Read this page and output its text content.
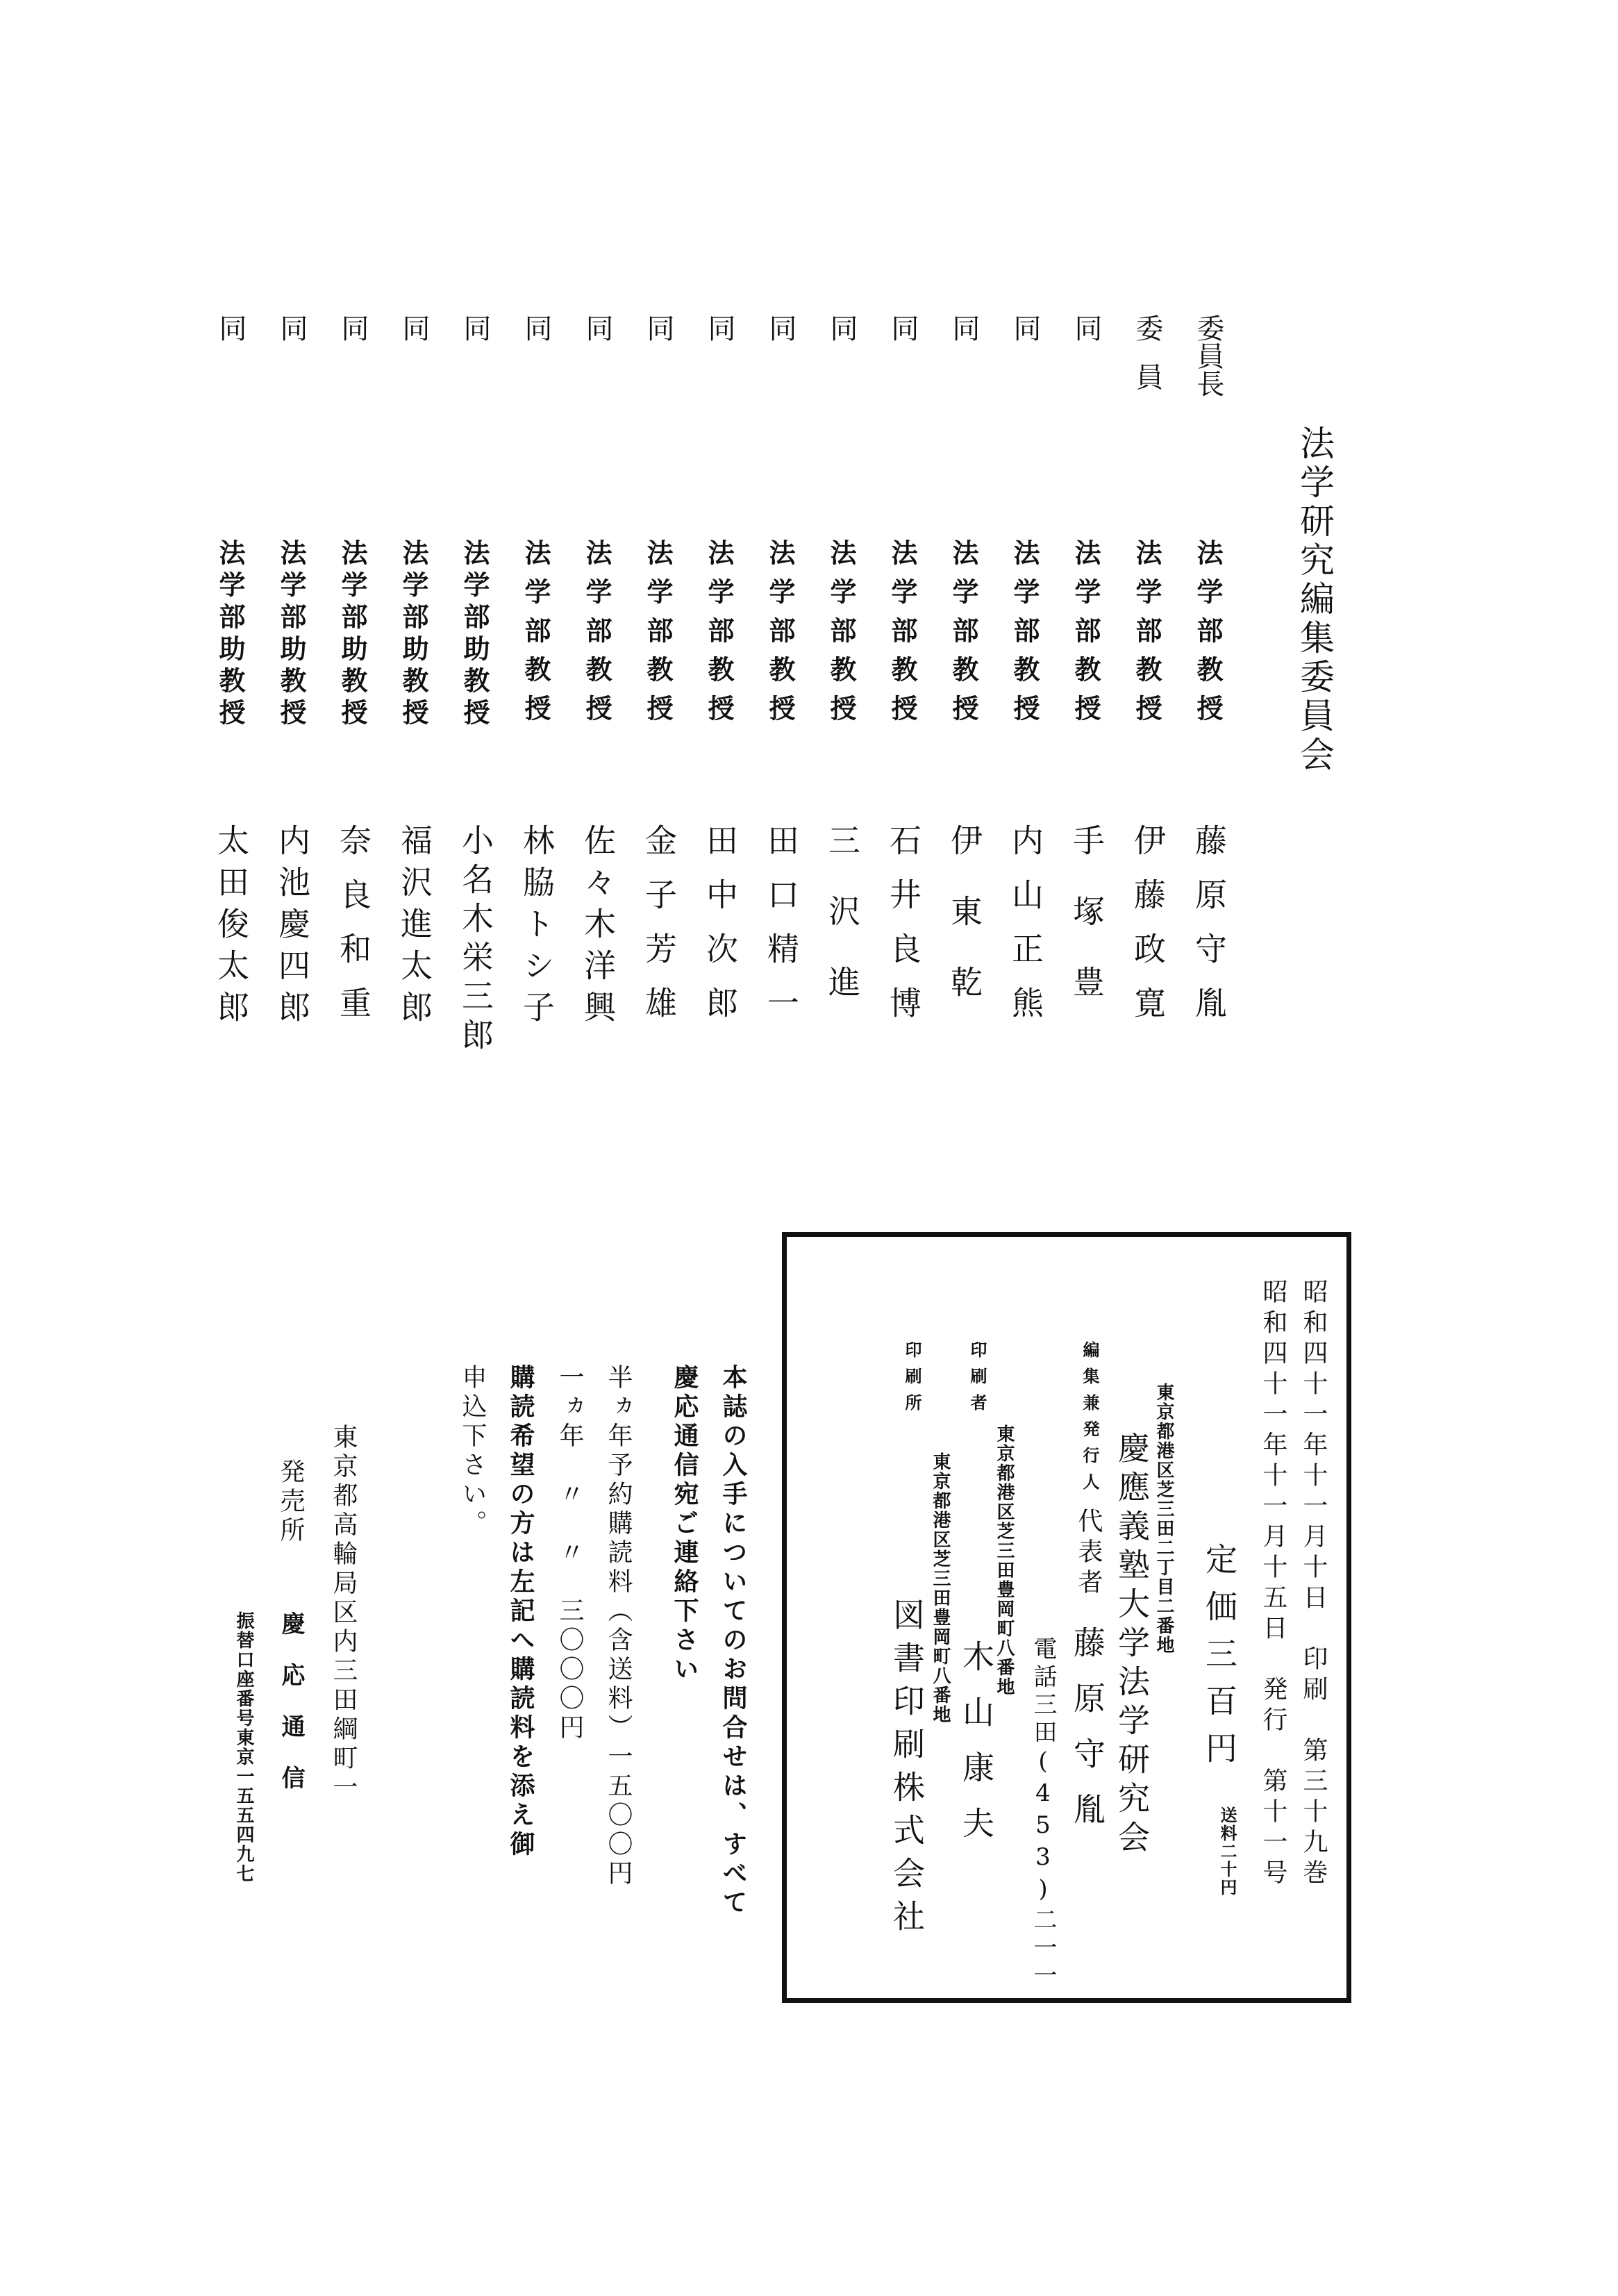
法学研究編集委員会
委員長
法学部教授
藤原守胤
委員
法学部教授
伊藤政寛
同
法学部教授
手塚豊
同
法学部教授
内山正熊
同
法学部教授
伊東乾
同
法学部教授
石井良博
同
法学部教授
三沢進
同
法学部教授
田口精一
同
法学部教授
田中次郎
同
法学部教授
金子芳雄
同
法学部教授
佐々木洋興
同
法学部教授
林脇トシ子
同
法学部助教授
小名木栄三郎
同
法学部助教授
福沢進太郎
同
法学部助教授
奈良和重
同
法学部助教授
内池慶四郎
同
法学部助教授
太田俊太郎
昭和四十一年十一月十日　印刷　第三十九巻
昭和四十一年十一月十五日　発行　第十一号
定価三百円
送料二十円
東京都港区芝三田二丁目二番地
慶應義塾大学法学研究会
編集兼発行人
代表者
藤原守胤
電話三田(453)二一一一
東京都港区芝三田豊岡町八番地
印刷者
木山康夫
東京都港区芝三田豊岡町八番地
印刷所
図書印刷株式会社
本誌の入手についてのお問合せは、すべて
慶応通信宛ご連絡下さい
半ヵ年予約購読料（含送料）一五〇〇円
一ヵ年　〃　〃　三〇〇〇円
購読希望の方は左記へ購読料を添え御
申込下さい。
東京都高輪局区内三田綱町一
発売所
慶応通信
振替口座番号東京一五五四九七
